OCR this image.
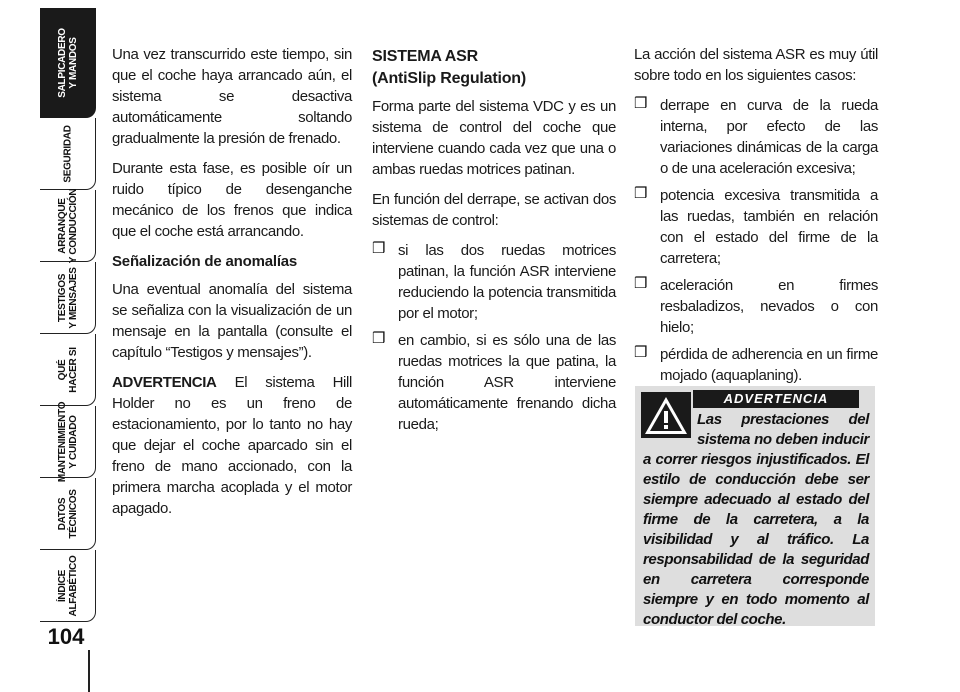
SALPICADERO
Y MANDOS
SEGURIDAD
ARRANQUE
Y CONDUCCIÓN
TESTIGOS
Y MENSAJES
QUÉ
HACER SI
MANTENIMIENTO
Y CUIDADO
DATOS
TÉCNICOS
ÍNDICE
ALFABÉTICO
104

Una vez transcurrido este tiempo, sin que el coche haya arrancado aún, el sistema se desactiva automáticamente soltando gradualmente la presión de frenado.

Durante esta fase, es posible oír un ruido típico de desenganche mecánico de los frenos que indica que el coche está arrancando.

Señalización de anomalías

Una eventual anomalía del sistema se señaliza con la visualización de un mensaje en la pantalla (consulte el capítulo “Testigos y mensajes”).

ADVERTENCIA El sistema Hill Holder no es un freno de estacionamiento, por lo tanto no hay que dejar el coche aparcado sin el freno de mano accionado, con la primera marcha acoplada y el motor apagado.

SISTEMA ASR
(AntiSlip Regulation)

Forma parte del sistema VDC y es un sistema de control del coche que interviene cuando cada vez que una o ambas ruedas motrices patinan.

En función del derrape, se activan dos sistemas de control:

❒ si las dos ruedas motrices patinan, la función ASR interviene reduciendo la potencia transmitida por el motor;
❒ en cambio, si es sólo una de las ruedas motrices la que patina, la función ASR interviene automáticamente frenando dicha rueda;

La acción del sistema ASR es muy útil sobre todo en los siguientes casos:

❒ derrape en curva de la rueda interna, por efecto de las variaciones dinámicas de la carga o de una aceleración excesiva;
❒ potencia excesiva transmitida a las ruedas, también en relación con el estado del firme de la carretera;
❒ aceleración en firmes resbaladizos, nevados o con hielo;
❒ pérdida de adherencia en un firme mojado (aquaplaning).
ADVERTENCIA
Las prestaciones del sistema no deben inducir a correr riesgos injustificados. El estilo de conducción debe ser siempre adecuado al estado del firme de la carretera, a la visibilidad y al tráfico. La responsabilidad de la seguridad en carretera corresponde siempre y en todo momento al conductor del coche.
